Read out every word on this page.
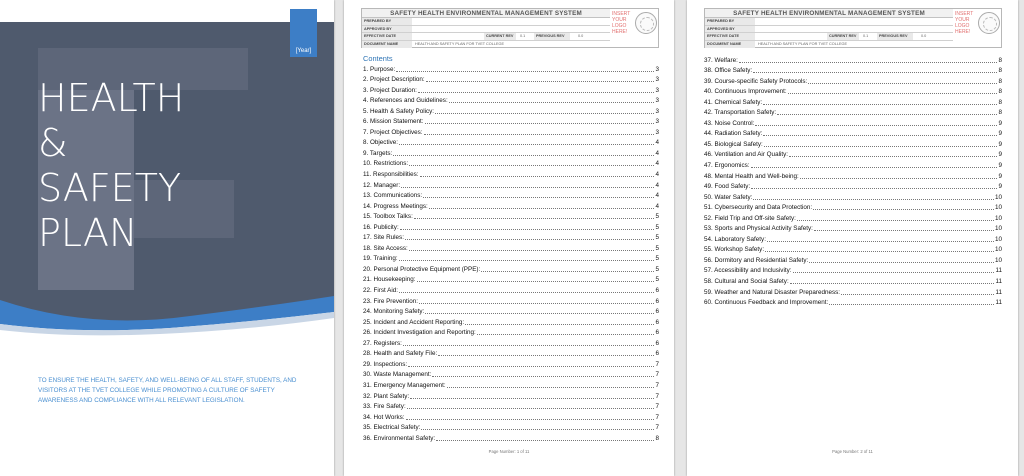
[Year]
HEALTH
&
SAFETY
PLAN
TO ENSURE THE HEALTH, SAFETY, AND WELL-BEING OF ALL STAFF, STUDENTS, AND VISITORS AT THE TVET COLLEGE WHILE PROMOTING A CULTURE OF SAFETY AWARENESS AND COMPLIANCE WITH ALL RELEVANT LEGISLATION.
SAFETY HEALTH ENVIRONMENTAL MANAGEMENT SYSTEM
PREPARED BY
APPROVED BY
EFFECTIVE DATE	CURRENT REV	0.1	PREVIOUS REV	0.0
DOCUMENT NAME	HEALTH AND SAFETY PLAN FOR TVET COLLEGE
INSERT YOUR LOGO HERE!
Contents
1. Purpose:	3
2. Project Description:	3
3. Project Duration:	3
4. References and Guidelines:	3
5. Health & Safety Policy:	3
6. Mission Statement:	3
7. Project Objectives:	3
8. Objective:	4
9. Targets:	4
10. Restrictions:	4
11. Responsibilities:	4
12. Manager:	4
13. Communications:	4
14. Progress Meetings:	4
15. Toolbox Talks:	5
16. Publicity:	5
17. Site Rules:	5
18. Site Access:	5
19. Training:	5
20. Personal Protective Equipment (PPE):	5
21. Housekeeping:	5
22. First Aid:	6
23. Fire Prevention:	6
24. Monitoring Safety:	6
25. Incident and Accident Reporting:	6
26. Incident Investigation and Reporting:	6
27. Registers:	6
28. Health and Safety File:	6
29. Inspections:	7
30. Waste Management:	7
31. Emergency Management:	7
32. Plant Safety:	7
33. Fire Safety:	7
34. Hot Works:	7
35. Electrical Safety:	7
36. Environmental Safety:	8
Page Number: 1 of 11
SAFETY HEALTH ENVIRONMENTAL MANAGEMENT SYSTEM
PREPARED BY
APPROVED BY
EFFECTIVE DATE	CURRENT REV	0.1	PREVIOUS REV	0.0
DOCUMENT NAME	HEALTH AND SAFETY PLAN FOR TVET COLLEGE
INSERT YOUR LOGO HERE!
37. Welfare:	8
38. Office Safety:	8
39. Course-specific Safety Protocols:	8
40. Continuous Improvement:	8
41. Chemical Safety:	8
42. Transportation Safety:	8
43. Noise Control:	9
44. Radiation Safety:	9
45. Biological Safety:	9
46. Ventilation and Air Quality:	9
47. Ergonomics:	9
48. Mental Health and Well-being:	9
49. Food Safety:	9
50. Water Safety:	10
51. Cybersecurity and Data Protection:	10
52. Field Trip and Off-site Safety:	10
53. Sports and Physical Activity Safety:	10
54. Laboratory Safety:	10
55. Workshop Safety:	10
56. Dormitory and Residential Safety:	10
57. Accessibility and Inclusivity:	11
58. Cultural and Social Safety:	11
59. Weather and Natural Disaster Preparedness:	11
60. Continuous Feedback and Improvement:	11
Page Number: 2 of 11
